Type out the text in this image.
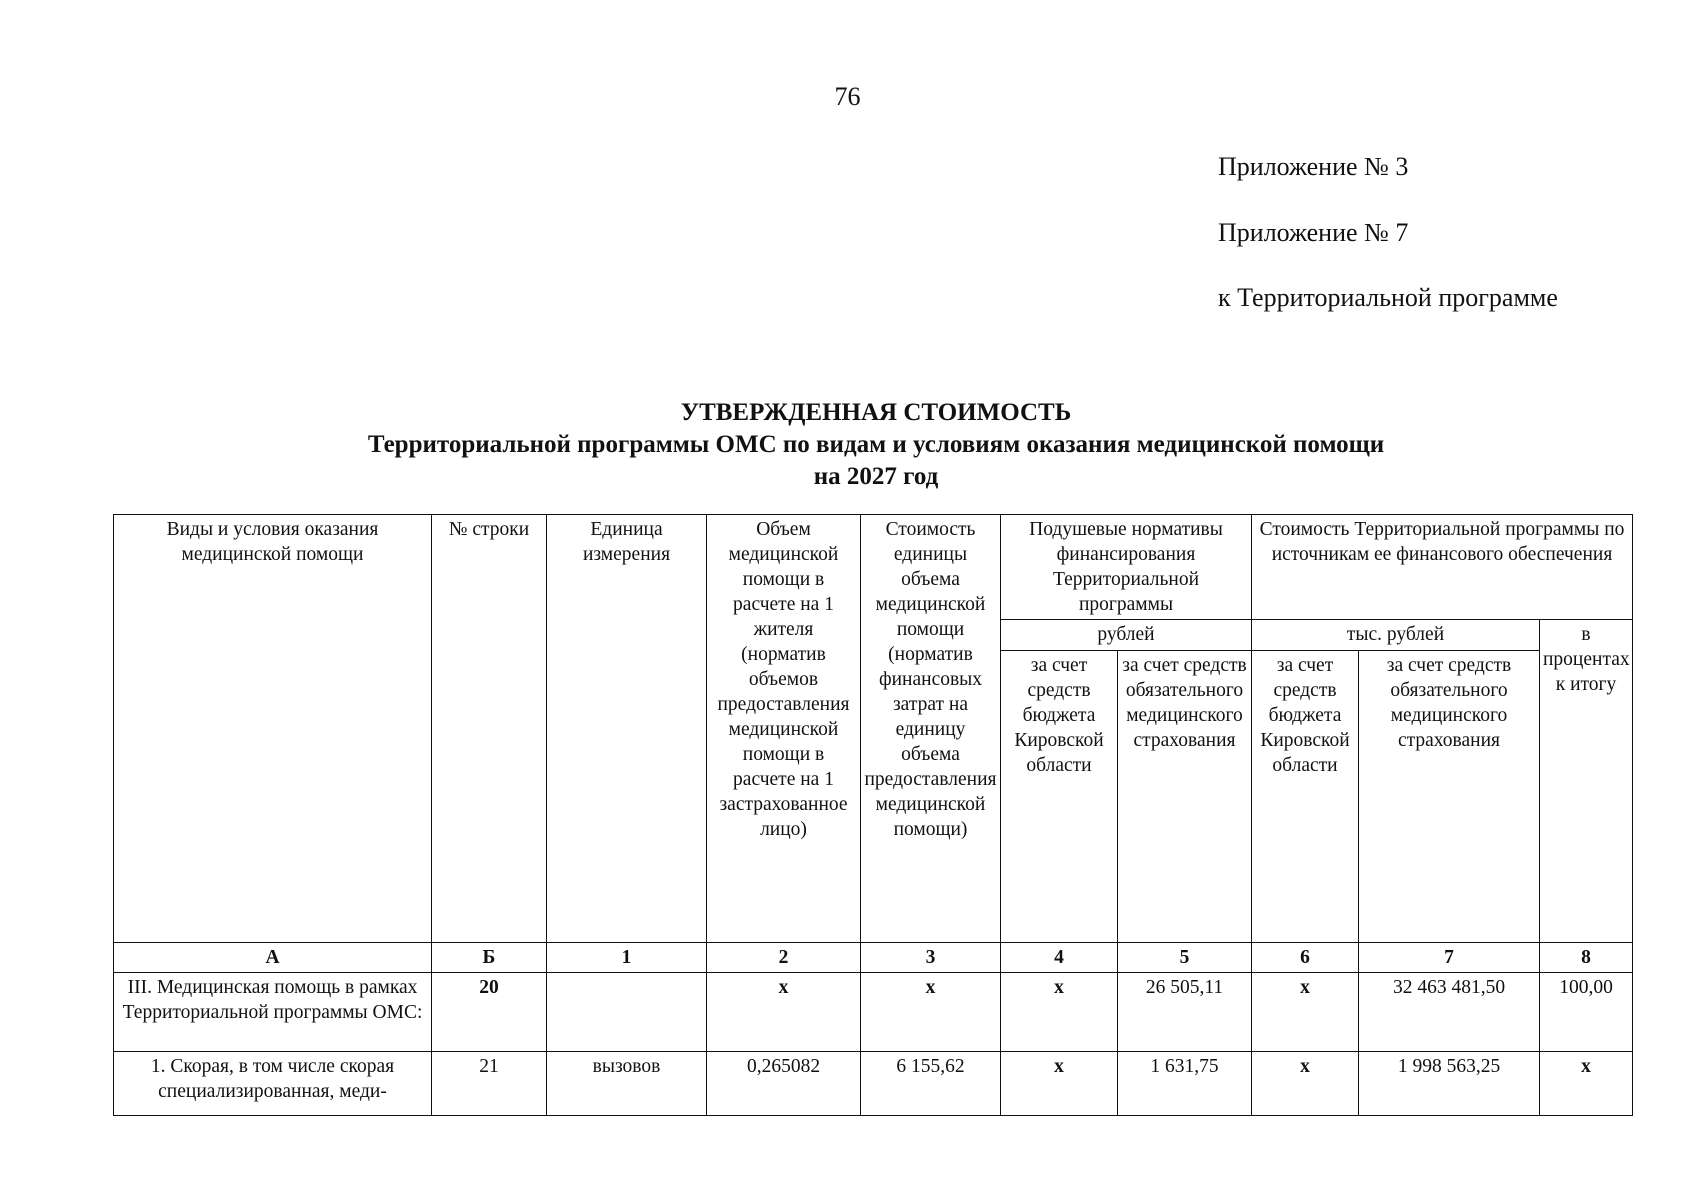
76
Приложение № 3
Приложение № 7
к Территориальной программе
УТВЕРЖДЕННАЯ СТОИМОСТЬ
Территориальной программы ОМС по видам и условиям оказания медицинской помощи
на 2027 год
Виды и условия оказания медицинской помощи	№ строки	Единица измерения	Объем медицинской помощи в расчете на 1 жителя (норматив объемов предоставления медицинской помощи в расчете на 1 застрахованное лицо)	Стоимость единицы объема медицинской помощи (норматив финансовых затрат на единицу объема предоставления медицинской помощи)	Подушевые нормативы финансирования Территориальной программы		Стоимость Территориальной программы по источникам ее финансового обеспечения		
					рублей		тыс. рублей		в процентах к итогу
					за счет средств бюджета Кировской области	за счет средств обязательного медицинского страхования	за счет средств бюджета Кировской области	за счет средств обязательного медицинского страхования	
А	Б	1	2	3	4	5	6	7	8
III. Медицинская помощь в рамках Территориальной программы ОМС:	20		х	х	х	26 505,11	х	32 463 481,50	100,00
1. Скорая, в том числе скорая специализированная, меди-	21	вызовов	0,265082	6 155,62	х	1 631,75	х	1 998 563,25	х
